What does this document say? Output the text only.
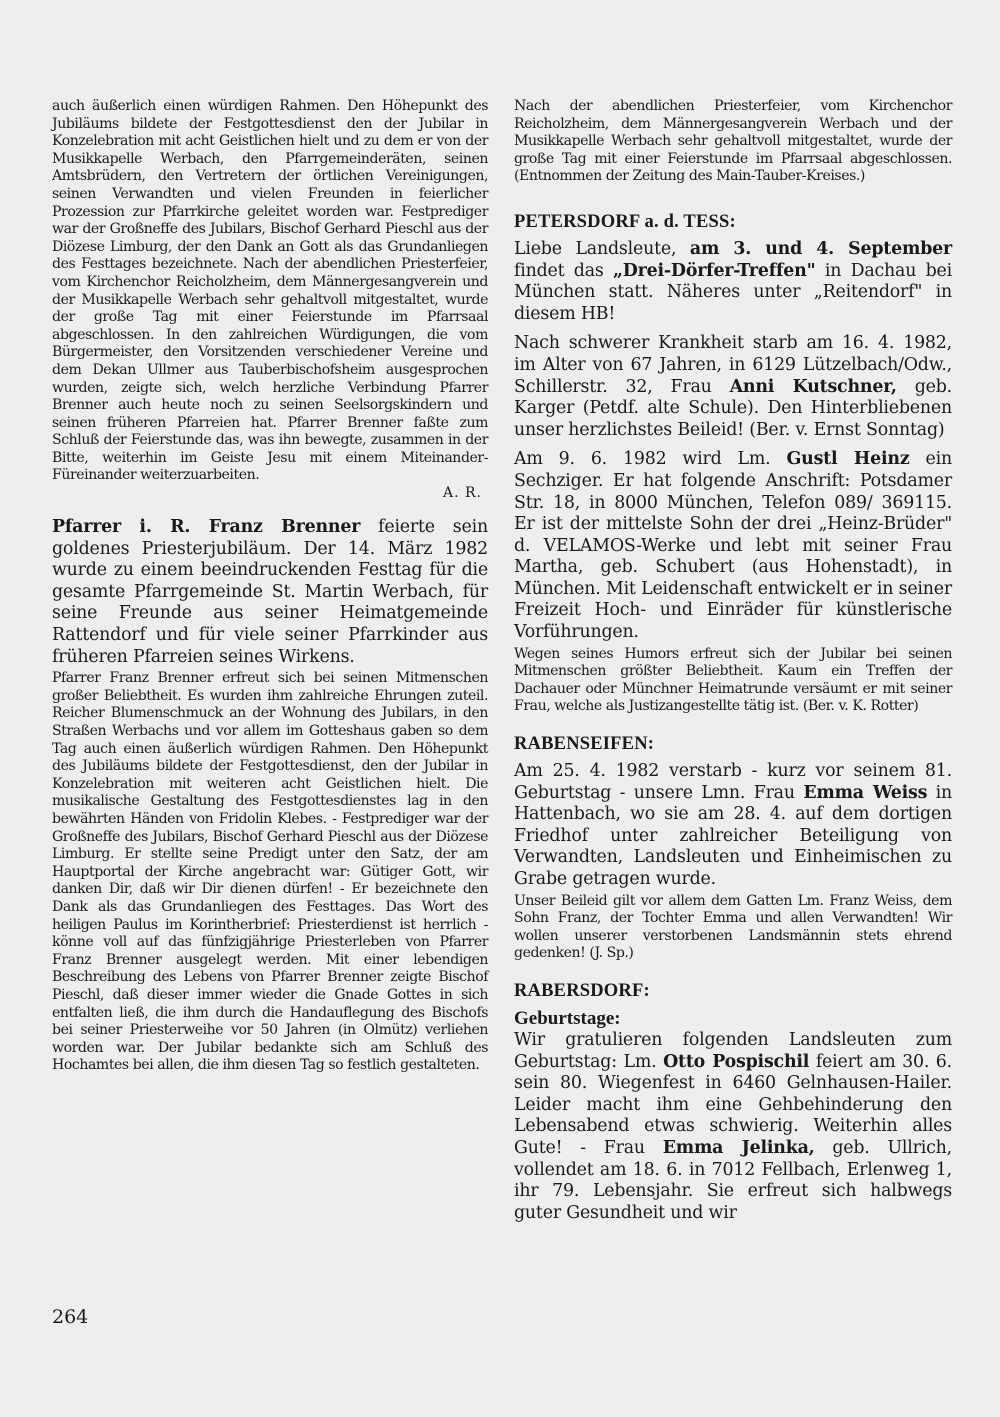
auch äußerlich einen würdigen Rahmen. Den Höhepunkt des Jubiläums bildete der Festgottesdienst den der Jubilar in Konzelebration mit acht Geistlichen hielt und zu dem er von der Musikkapelle Werbach, den Pfarrgemeinderäten, seinen Amtsbrüdern, den Vertretern der örtlichen Vereinigungen, seinen Verwandten und vielen Freunden in feierlicher Prozession zur Pfarrkirche geleitet worden war. Festprediger war der Großneffe des Jubilars, Bischof Gerhard Pieschl aus der Diözese Limburg, der den Dank an Gott als das Grundanliegen des Festtages bezeichnete. Nach der abendlichen Priesterfeier, vom Kirchenchor Reicholzheim, dem Männergesangverein und der Musikkapelle Werbach sehr gehaltvoll mitgestaltet, wurde der große Tag mit einer Feierstunde im Pfarrsaal abgeschlossen. In den zahlreichen Würdigungen, die vom Bürgermeister, den Vorsitzenden verschiedener Vereine und dem Dekan Ullmer aus Tauberbischofsheim ausgesprochen wurden, zeigte sich, welch herzliche Verbindung Pfarrer Brenner auch heute noch zu seinen Seelsorgskindern und seinen früheren Pfarreien hat. Pfarrer Brenner faßte zum Schluß der Feierstunde das, was ihn bewegte, zusammen in der Bitte, weiterhin im Geiste Jesu mit einem Miteinander-Füreinander weiterzuarbeiten.

A. R.

Pfarrer i. R. Franz Brenner feierte sein goldenes Priesterjubiläum. Der 14. März 1982 wurde zu einem beeindruckenden Festtag für die gesamte Pfarrgemeinde St. Martin Werbach, für seine Freunde aus seiner Heimatgemeinde Rattendorf und für viele seiner Pfarrkinder aus früheren Pfarreien seines Wirkens.

Pfarrer Franz Brenner erfreut sich bei seinen Mitmenschen großer Beliebtheit. Es wurden ihm zahlreiche Ehrungen zuteil. Reicher Blumenschmuck an der Wohnung des Jubilars, in den Straßen Werbachs und vor allem im Gotteshaus gaben so dem Tag auch einen äußerlich würdigen Rahmen. Den Höhepunkt des Jubiläums bildete der Festgottesdienst, den der Jubilar in Konzelebration mit weiteren acht Geistlichen hielt. Die musikalische Gestaltung des Festgottesdienstes lag in den bewährten Händen von Fridolin Klebes. - Festprediger war der Großneffe des Jubilars, Bischof Gerhard Pieschl aus der Diözese Limburg. Er stellte seine Predigt unter den Satz, der am Hauptportal der Kirche angebracht war: Gütiger Gott, wir danken Dir, daß wir Dir dienen dürfen! - Er bezeichnete den Dank als das Grundanliegen des Festtages. Das Wort des heiligen Paulus im Korintherbrief: Priesterdienst ist herrlich - könne voll auf das fünfzigjährige Priesterleben von Pfarrer Franz Brenner ausgelegt werden. Mit einer lebendigen Beschreibung des Lebens von Pfarrer Brenner zeigte Bischof Pieschl, daß dieser immer wieder die Gnade Gottes in sich entfalten ließ, die ihm durch die Handauflegung des Bischofs bei seiner Priesterweihe vor 50 Jahren (in Olmütz) verliehen worden war. Der Jubilar bedankte sich am Schluß des Hochamtes bei allen, die ihm diesen Tag so festlich gestalteten.

Nach der abendlichen Priesterfeier, vom Kirchenchor Reicholzheim, dem Männergesangverein Werbach und der Musikkapelle Werbach sehr gehaltvoll mitgestaltet, wurde der große Tag mit einer Feierstunde im Pfarrsaal abgeschlossen. (Entnommen der Zeitung des Main-Tauber-Kreises.)

PETERSDORF a. d. TESS:

Liebe Landsleute, am 3. und 4. September findet das „Drei-Dörfer-Treffen" in Dachau bei München statt. Näheres unter „Reitendorf" in diesem HB!

Nach schwerer Krankheit starb am 16. 4. 1982, im Alter von 67 Jahren, in 6129 Lützelbach/Odw., Schillerstr. 32, Frau Anni Kutschner, geb. Karger (Petdf. alte Schule). Den Hinterbliebenen unser herzlichstes Beileid! (Ber. v. Ernst Sonntag)

Am 9. 6. 1982 wird Lm. Gustl Heinz ein Sechziger. Er hat folgende Anschrift: Potsdamer Str. 18, in 8000 München, Telefon 089/ 369115. Er ist der mittelste Sohn der drei „Heinz-Brüder" d. VELAMOS-Werke und lebt mit seiner Frau Martha, geb. Schubert (aus Hohenstadt), in München. Mit Leidenschaft entwickelt er in seiner Freizeit Hoch- und Einräder für künstlerische Vorführungen.

Wegen seines Humors erfreut sich der Jubilar bei seinen Mitmenschen größter Beliebtheit. Kaum ein Treffen der Dachauer oder Münchner Heimatrunde versäumt er mit seiner Frau, welche als Justizangestellte tätig ist. (Ber. v. K. Rotter)

RABENSEIFEN:

Am 25. 4. 1982 verstarb - kurz vor seinem 81. Geburtstag - unsere Lmn. Frau Emma Weiss in Hattenbach, wo sie am 28. 4. auf dem dortigen Friedhof unter zahlreicher Beteiligung von Verwandten, Landsleuten und Einheimischen zu Grabe getragen wurde.

Unser Beileid gilt vor allem dem Gatten Lm. Franz Weiss, dem Sohn Franz, der Tochter Emma und allen Verwandten! Wir wollen unserer verstorbenen Landsmännin stets ehrend gedenken! (J. Sp.)

RABERSDORF:
Geburtstage:

Wir gratulieren folgenden Landsleuten zum Geburtstag: Lm. Otto Pospischil feiert am 30. 6. sein 80. Wiegenfest in 6460 Gelnhausen-Hailer. Leider macht ihm eine Gehbehinderung den Lebensabend etwas schwierig. Weiterhin alles Gute! - Frau Emma Jelinka, geb. Ullrich, vollendet am 18. 6. in 7012 Fellbach, Erlenweg 1, ihr 79. Lebensjahr. Sie erfreut sich halbwegs guter Gesundheit und wir

264
